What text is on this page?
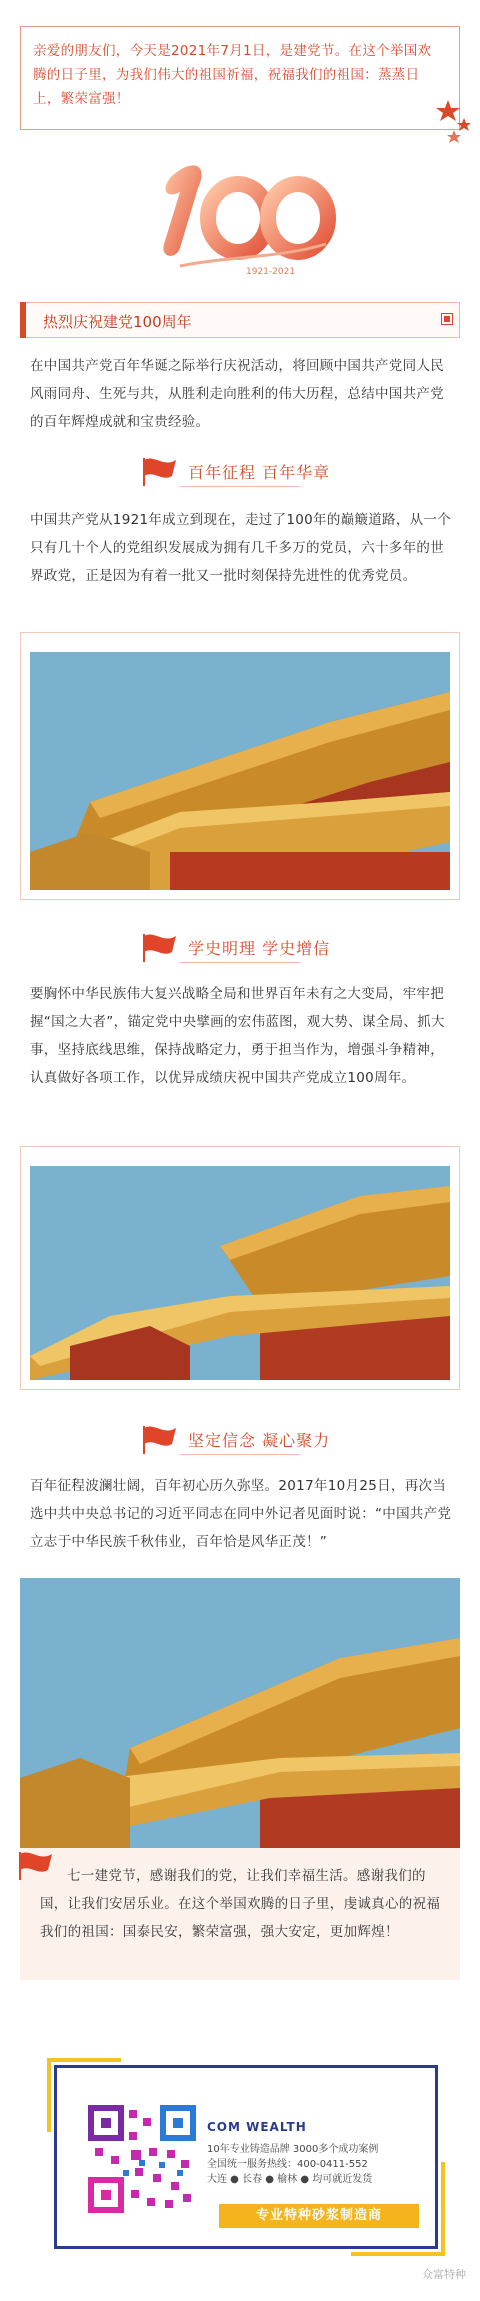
亲爱的朋友们，今天是2021年7月1日，是建党节。在这个举国欢腾的日子里，为我们伟大的祖国祈福，祝福我们的祖国：蒸蒸日上，繁荣富强！

1921-2021
热烈庆祝建党100周年

在中国共产党百年华诞之际举行庆祝活动，将回顾中国共产党同人民风雨同舟、生死与共，从胜利走向胜利的伟大历程，总结中国共产党的百年辉煌成就和宝贵经验。

百年征程 百年华章

中国共产党从1921年成立到现在，走过了100年的巅簸道路，从一个只有几十个人的党组织发展成为拥有几千多万的党员，六十多年的世界政党，正是因为有着一批又一批时刻保持先进性的优秀党员。

学史明理 学史增信

要胸怀中华民族伟大复兴战略全局和世界百年未有之大变局，牢牢把握“国之大者”，锚定党中央擘画的宏伟蓝图，观大势、谋全局、抓大事，坚持底线思维，保持战略定力，勇于担当作为，增强斗争精神，认真做好各项工作，以优异成绩庆祝中国共产党成立100周年。

坚定信念 凝心聚力

百年征程波澜壮阔，百年初心历久弥坚。2017年10月25日，再次当选中共中央总书记的习近平同志在同中外记者见面时说：“中国共产党立志于中华民族千秋伟业，百年恰是风华正茂！”

七一建党节，感谢我们的党，让我们幸福生活。感谢我们的国，让我们安居乐业。在这个举国欢腾的日子里，虔诚真心的祝福我们的祖国：国泰民安，繁荣富强，强大安定，更加辉煌！

COM WEALTH
10年专业铸造品牌 3000多个成功案例
全国统一服务热线：400-0411-552
大连 ● 长春 ● 榆林 ● 均可就近发货
专业特种砂浆制造商
众富特种
